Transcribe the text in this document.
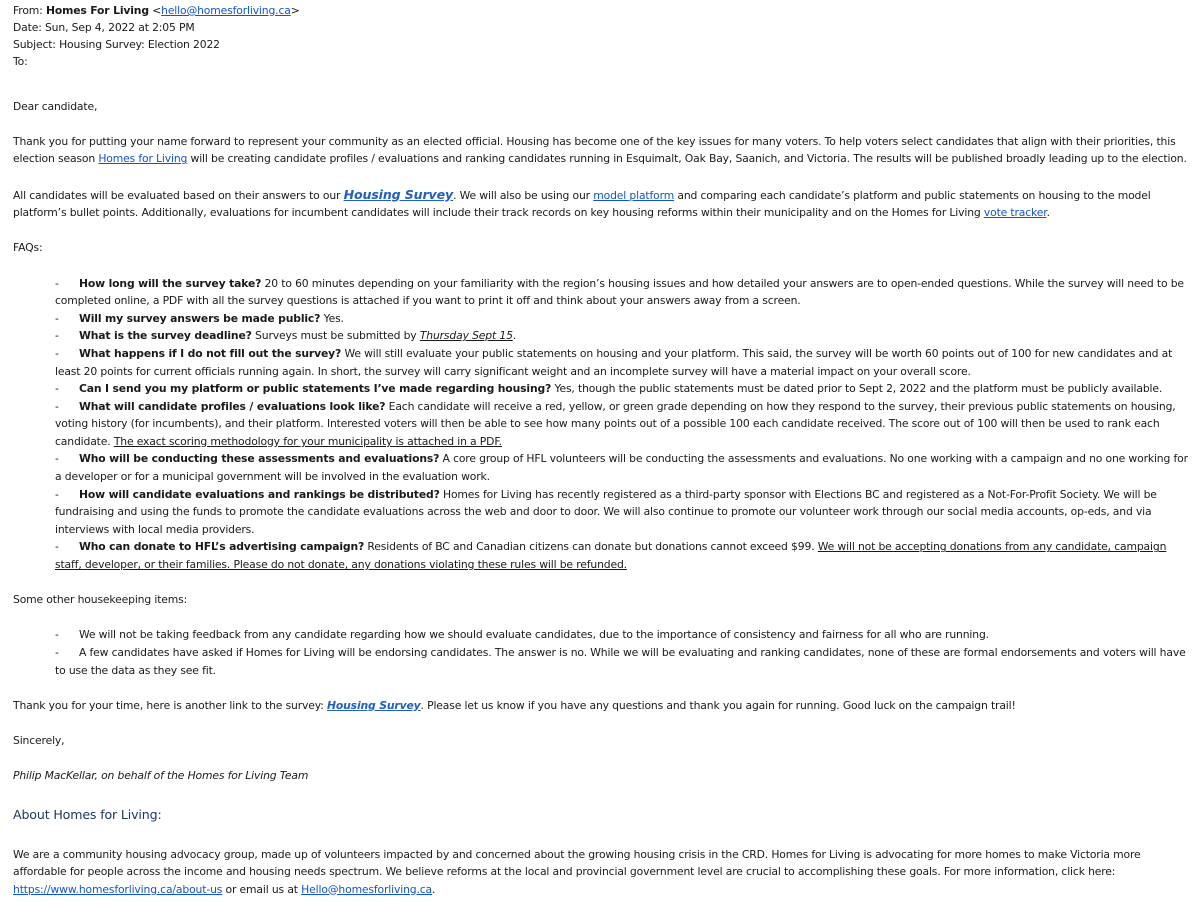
From: Homes For Living <hello@homesforliving.ca>
Date: Sun, Sep 4, 2022 at 2:05 PM
Subject: Housing Survey: Election 2022
To:

Dear candidate,

Thank you for putting your name forward to represent your community as an elected official. Housing has become one of the key issues for many voters. To help voters select candidates that align with their priorities, this election season Homes for Living will be creating candidate profiles / evaluations and ranking candidates running in Esquimalt, Oak Bay, Saanich, and Victoria. The results will be published broadly leading up to the election.

All candidates will be evaluated based on their answers to our Housing Survey. We will also be using our model platform and comparing each candidate’s platform and public statements on housing to the model platform’s bullet points. Additionally, evaluations for incumbent candidates will include their track records on key housing reforms within their municipality and on the Homes for Living vote tracker.

FAQs:

- How long will the survey take? 20 to 60 minutes depending on your familiarity with the region’s housing issues and how detailed your answers are to open-ended questions. While the survey will need to be completed online, a PDF with all the survey questions is attached if you want to print it off and think about your answers away from a screen.
- Will my survey answers be made public? Yes.
- What is the survey deadline? Surveys must be submitted by Thursday Sept 15.
- What happens if I do not fill out the survey? We will still evaluate your public statements on housing and your platform. This said, the survey will be worth 60 points out of 100 for new candidates and at least 20 points for current officials running again. In short, the survey will carry significant weight and an incomplete survey will have a material impact on your overall score.
- Can I send you my platform or public statements I’ve made regarding housing? Yes, though the public statements must be dated prior to Sept 2, 2022 and the platform must be publicly available.
- What will candidate profiles / evaluations look like? Each candidate will receive a red, yellow, or green grade depending on how they respond to the survey, their previous public statements on housing, voting history (for incumbents), and their platform. Interested voters will then be able to see how many points out of a possible 100 each candidate received. The score out of 100 will then be used to rank each candidate. The exact scoring methodology for your municipality is attached in a PDF.
- Who will be conducting these assessments and evaluations? A core group of HFL volunteers will be conducting the assessments and evaluations. No one working with a campaign and no one working for a developer or for a municipal government will be involved in the evaluation work.
- How will candidate evaluations and rankings be distributed? Homes for Living has recently registered as a third-party sponsor with Elections BC and registered as a Not-For-Profit Society. We will be fundraising and using the funds to promote the candidate evaluations across the web and door to door. We will also continue to promote our volunteer work through our social media accounts, op-eds, and via interviews with local media providers.
- Who can donate to HFL’s advertising campaign? Residents of BC and Canadian citizens can donate but donations cannot exceed $99. We will not be accepting donations from any candidate, campaign staff, developer, or their families. Please do not donate, any donations violating these rules will be refunded.

Some other housekeeping items:

- We will not be taking feedback from any candidate regarding how we should evaluate candidates, due to the importance of consistency and fairness for all who are running.
- A few candidates have asked if Homes for Living will be endorsing candidates. The answer is no. While we will be evaluating and ranking candidates, none of these are formal endorsements and voters will have to use the data as they see fit.

Thank you for your time, here is another link to the survey: Housing Survey. Please let us know if you have any questions and thank you again for running. Good luck on the campaign trail!

Sincerely,

Philip MacKellar, on behalf of the Homes for Living Team

About Homes for Living:

We are a community housing advocacy group, made up of volunteers impacted by and concerned about the growing housing crisis in the CRD. Homes for Living is advocating for more homes to make Victoria more affordable for people across the income and housing needs spectrum. We believe reforms at the local and provincial government level are crucial to accomplishing these goals. For more information, click here: https://www.homesforliving.ca/about-us or email us at Hello@homesforliving.ca.
